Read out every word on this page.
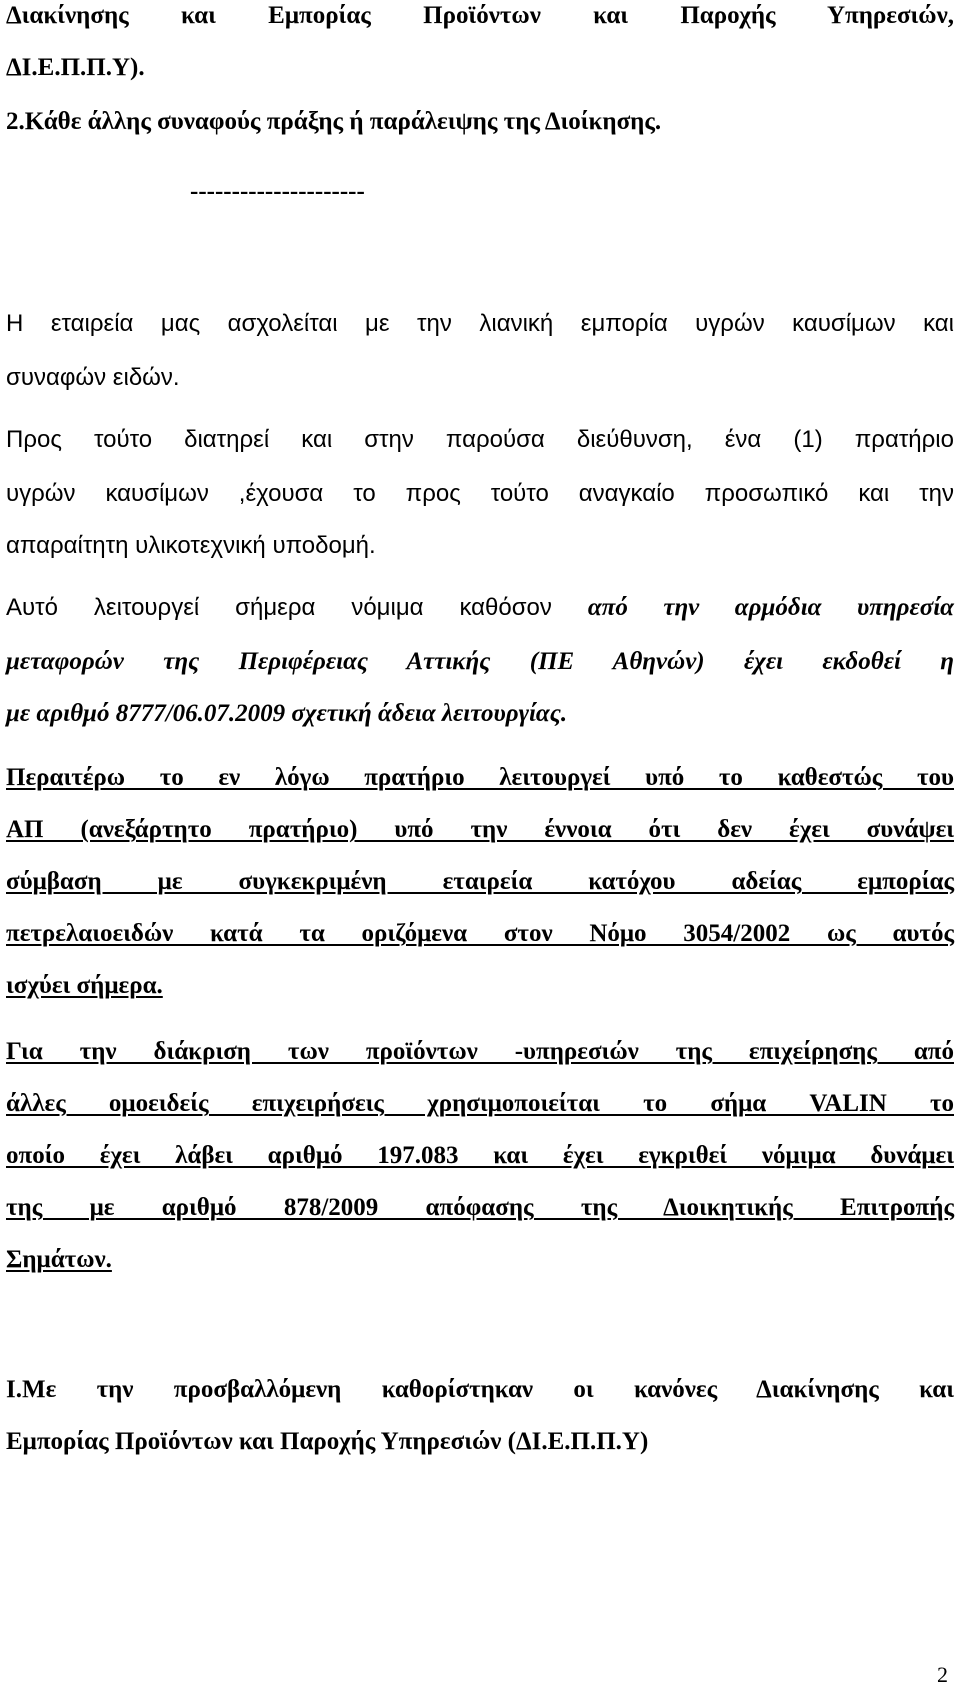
Διακίνησης και Εμπορίας Προϊόντων και Παροχής Υπηρεσιών,

ΔΙ.Ε.Π.Π.Υ).

2.Κάθε άλλης συναφούς πράξης ή παράλειψης της Διοίκησης.

---------------------

Η εταιρεία μας ασχολείται με την λιανική εμπορία υγρών καυσίμων και

συναφών ειδών.

Προς τούτο διατηρεί και στην παρούσα διεύθυνση, ένα (1) πρατήριο

υγρών καυσίμων ,έχουσα το προς τούτο αναγκαίο προσωπικό και την

απαραίτητη υλικοτεχνική υποδομή.

Αυτό λειτουργεί σήμερα νόμιμα καθόσον από την αρμόδια υπηρεσία

μεταφορών της Περιφέρειας Αττικής (ΠΕ Αθηνών) έχει εκδοθεί η

με αριθμό 8777/06.07.2009 σχετική άδεια λειτουργίας.

Περαιτέρω το εν λόγω πρατήριο λειτουργεί υπό το καθεστώς του

ΑΠ (ανεξάρτητο πρατήριο) υπό την έννοια ότι δεν έχει συνάψει

σύμβαση με συγκεκριμένη εταιρεία κατόχου αδείας εμπορίας

πετρελαιοειδών κατά τα οριζόμενα στον Νόμο 3054/2002 ως αυτός

ισχύει σήμερα.

Για την διάκριση των προϊόντων -υπηρεσιών της επιχείρησης από

άλλες ομοειδείς επιχειρήσεις χρησιμοποιείται το σήμα VALIN το

οποίο έχει λάβει αριθμό 197.083 και έχει εγκριθεί νόμιμα δυνάμει

της με αριθμό 878/2009 απόφασης της Διοικητικής Επιτροπής

Σημάτων.

Ι.Με την προσβαλλόμενη καθορίστηκαν οι κανόνες Διακίνησης και

Εμπορίας Προϊόντων και Παροχής Υπηρεσιών (ΔΙ.Ε.Π.Π.Υ)

2
